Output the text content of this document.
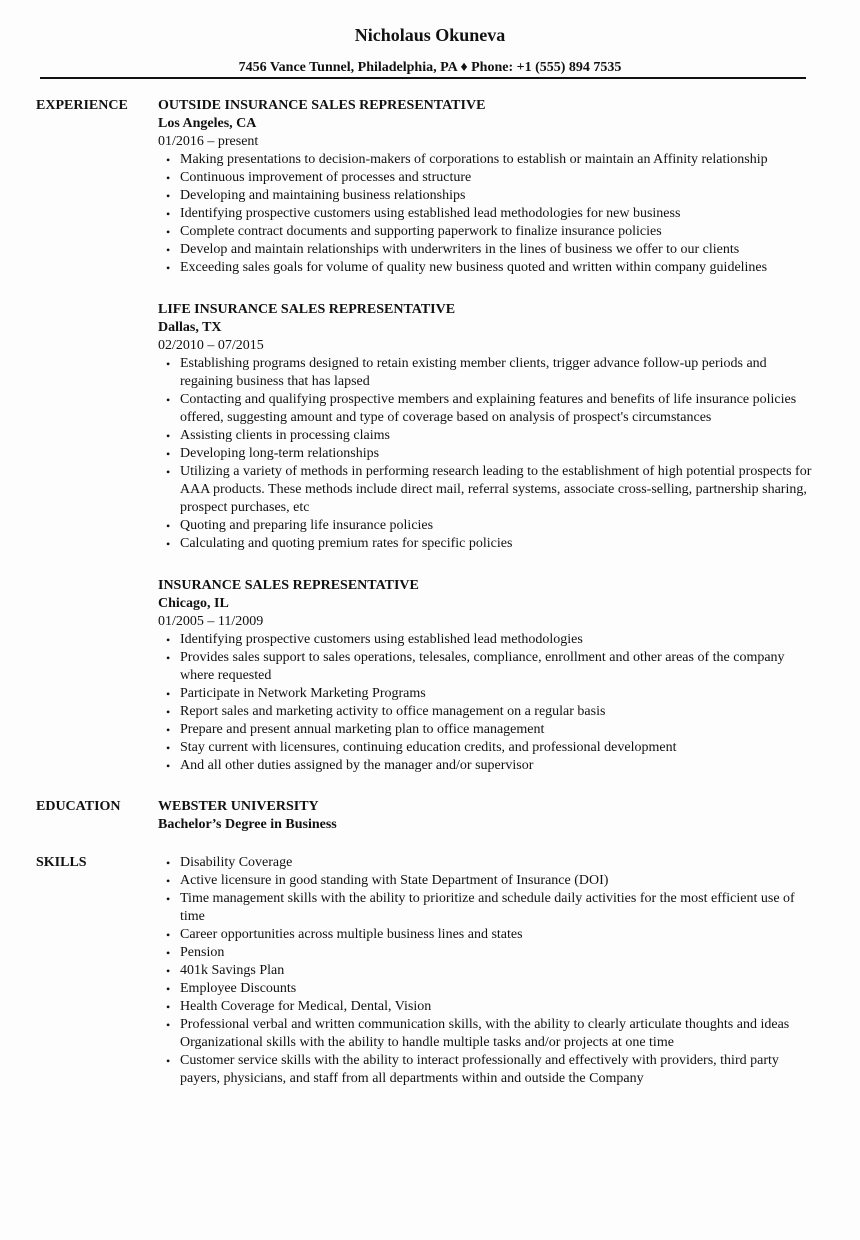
Nicholaus Okuneva
7456 Vance Tunnel, Philadelphia, PA ♦ Phone: +1 (555) 894 7535
EXPERIENCE OUTSIDE INSURANCE SALES REPRESENTATIVE
Los Angeles, CA
01/2016 – present
• Making presentations to decision-makers of corporations to establish or maintain an Affinity relationship
• Continuous improvement of processes and structure
• Developing and maintaining business relationships
• Identifying prospective customers using established lead methodologies for new business
• Complete contract documents and supporting paperwork to finalize insurance policies
• Develop and maintain relationships with underwriters in the lines of business we offer to our clients
• Exceeding sales goals for volume of quality new business quoted and written within company guidelines
LIFE INSURANCE SALES REPRESENTATIVE
Dallas, TX
02/2010 – 07/2015
• Establishing programs designed to retain existing member clients, trigger advance follow-up periods and regaining business that has lapsed
• Contacting and qualifying prospective members and explaining features and benefits of life insurance policies offered, suggesting amount and type of coverage based on analysis of prospect's circumstances
• Assisting clients in processing claims
• Developing long-term relationships
• Utilizing a variety of methods in performing research leading to the establishment of high potential prospects for AAA products. These methods include direct mail, referral systems, associate cross-selling, partnership sharing, prospect purchases, etc
• Quoting and preparing life insurance policies
• Calculating and quoting premium rates for specific policies
INSURANCE SALES REPRESENTATIVE
Chicago, IL
01/2005 – 11/2009
• Identifying prospective customers using established lead methodologies
• Provides sales support to sales operations, telesales, compliance, enrollment and other areas of the company where requested
• Participate in Network Marketing Programs
• Report sales and marketing activity to office management on a regular basis
• Prepare and present annual marketing plan to office management
• Stay current with licensures, continuing education credits, and professional development
• And all other duties assigned by the manager and/or supervisor
EDUCATION	WEBSTER UNIVERSITY
Bachelor’s Degree in Business
SKILLS	• Disability Coverage
• Active licensure in good standing with State Department of Insurance (DOI)
• Time management skills with the ability to prioritize and schedule daily activities for the most efficient use of time
• Career opportunities across multiple business lines and states
• Pension
• 401k Savings Plan
• Employee Discounts
• Health Coverage for Medical, Dental, Vision
• Professional verbal and written communication skills, with the ability to clearly articulate thoughts and ideas Organizational skills with the ability to handle multiple tasks and/or projects at one time
• Customer service skills with the ability to interact professionally and effectively with providers, third party payers, physicians, and staff from all departments within and outside the Company
